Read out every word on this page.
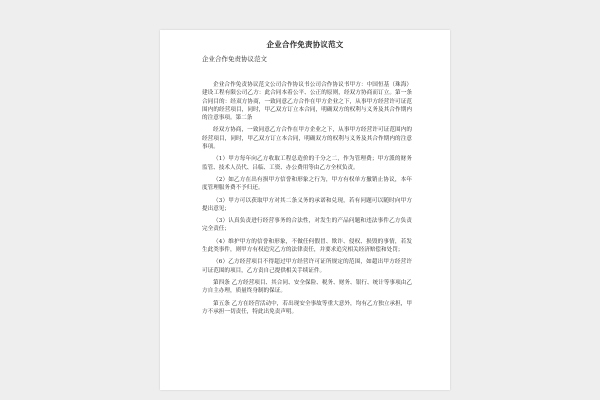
企业合作免责协议范文
企业合作免责协议范文

企业合作免责协议范文公司合作协议书公司合作协议书甲方：中国恒基（珠海）建设工程有限公司乙方：此合同本着公平、公正的原则，经双方协商而订立。第一条 合同目的：经双方协商，一致同意乙方合作在甲方企业之下，从事甲方经营许可证范围内的经营项目，同时，甲乙双方订立本合同，明确双方的权利与义务及其合作期内的注意事项。第二条

经双方协商，一致同意乙方合作在甲方企业之下，从事甲方经营许可证范围内的经营项目，同时，甲乙双方订立本合同，明确双方的权利与义务及其合作期内的注意事项。

（1）甲方每年向乙方收取工程总造价的千分之二，作为管理费；甲方派的财务监管、技术人员代、吕临、工资、办公费用等由乙方全权负责。

（2）如乙方在出有损甲方信誉和形象之行为，甲方有权单方撤销止协议，本年度管理服务费不予归还。

（3）甲方可以获取甲方对其二条义务的承诺和兑现，若有问题可以随时向甲方提出意见；

（3）认真负责进行经营事务的合法性，对发生的产品问题和违法事件乙方负责完全责任；

（4）维护甲方的信誉和形象，不做任何假冒、欺诈、侵权、损毁的事情，若发生此类事件，则甲方有权追究乙方的法律责任，并要求追究相关经济赔偿和处罚；

（6）乙方经营项目不得超过甲方经营许可证所规定的范围，如超出甲方经营许可证范围的项目，乙方责自己提供相关手续证件。

第四条 乙方经营项目、其合同、安全保险、税务、财务、银行、统计等事项由乙方自主办理，质量终身制的保证。

第五条 乙方在经营活动中，若出现安全事故等重大意外，均有乙方独立承担，甲方不承担一切责任，特此出免责声明。
